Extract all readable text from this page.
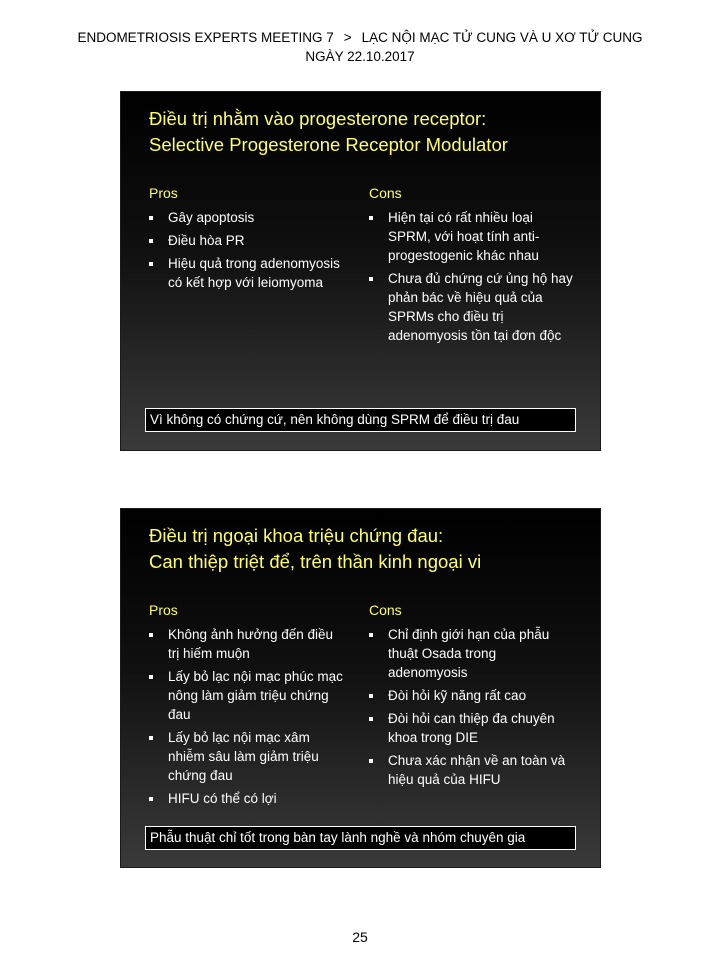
ENDOMETRIOSIS EXPERTS MEETING 7 > LẠC NỘI MẠC TỬ CUNG VÀ U XƠ TỬ CUNG
NGÀY 22.10.2017
Điều trị nhằm vào progesterone receptor:
Selective Progesterone Receptor Modulator
Pros
Gây apoptosis
Điều hòa PR
Hiệu quả trong adenomyosis có kết hợp với leiomyoma
Cons
Hiện tại có rất nhiều loại SPRM, với hoạt tính anti-progestogenic khác nhau
Chưa đủ chứng cứ ủng hộ hay phản bác về hiệu quả của SPRMs cho điều trị adenomyosis tồn tại đơn độc
Vì không có chứng cứ, nên không dùng SPRM để điều trị đau
Điều trị ngoại khoa triệu chứng đau:
Can thiệp triệt để, trên thần kinh ngoại vi
Pros
Không ảnh hưởng đến điều trị hiếm muộn
Lấy bỏ lạc nội mạc phúc mạc nông làm giảm triệu chứng đau
Lấy bỏ lạc nội mạc xâm nhiễm sâu làm giảm triệu chứng đau
HIFU có thể có lợi
Cons
Chỉ định giới hạn của phẫu thuật Osada trong adenomyosis
Đòi hỏi kỹ năng rất cao
Đòi hỏi can thiệp đa chuyên khoa trong DIE
Chưa xác nhận về an toàn và hiệu quả của HIFU
Phẫu thuật chỉ tốt trong bàn tay lành nghề và nhóm chuyên gia
25
